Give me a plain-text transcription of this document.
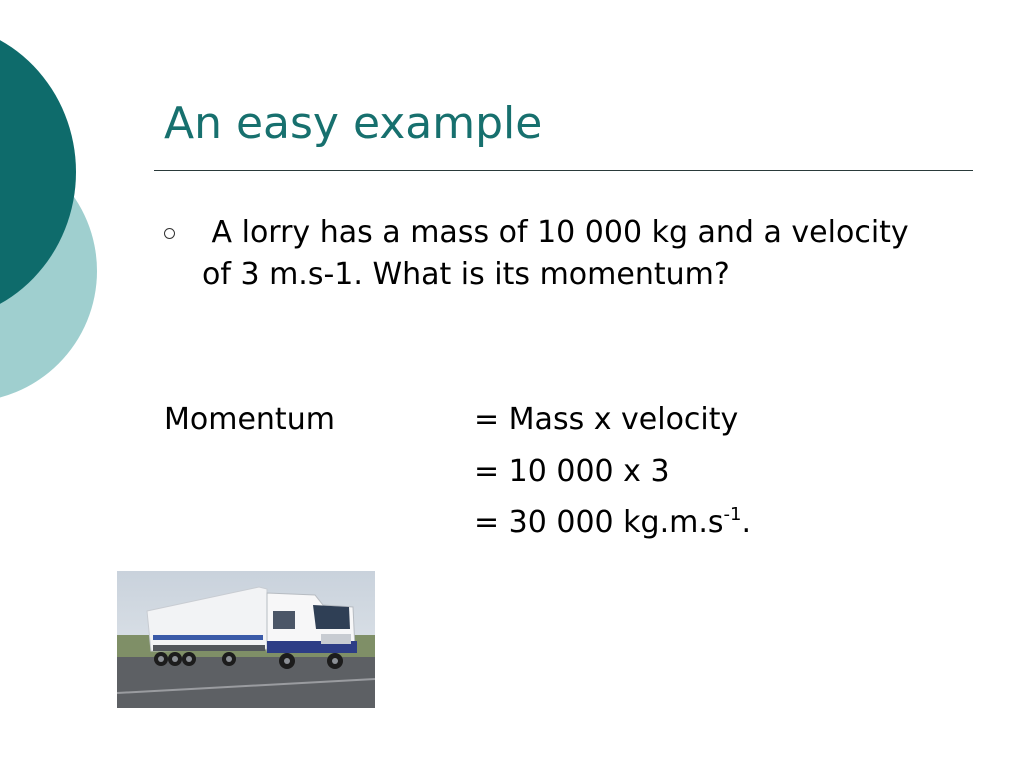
An easy example
A lorry has a mass of 10 000 kg and a velocity of 3 m.s-1. What is its momentum?
Momentum	= Mass x velocity
= 10 000 x 3
= 30 000 $kg.m.s^{-1}$.
